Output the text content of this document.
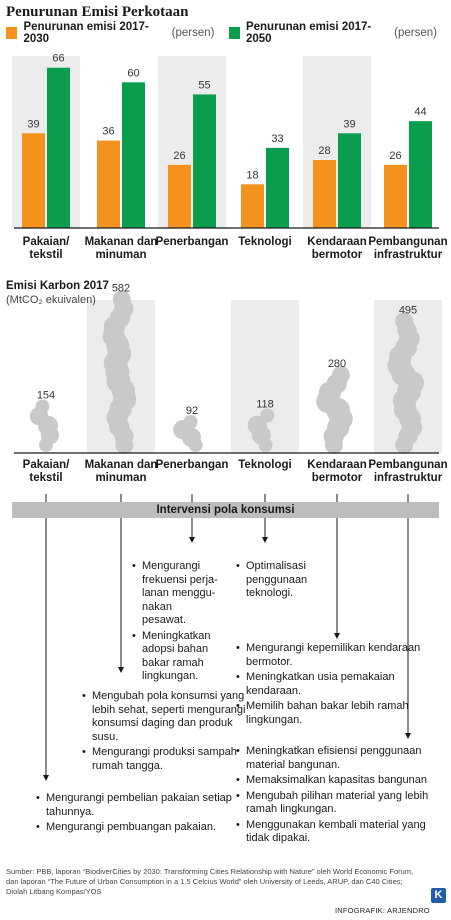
Penurunan Emisi Perkotaan
Penurunan emisi 2017-2030	(persen)	Penurunan emisi 2017-2050	(persen)
39
66
36
60
26
55
18
33
28
39
26
44
154
582
92
118
280
495
Pakaian/
tekstil
Makanan dan
minuman
Penerbangan Teknologi	Kendaraan
bermotor
Pembangunan
infrastruktur
Emisi Karbon 2017
(MtCO₂ ekuivalen)
Pakaian/
tekstil
Makanan dan
minuman
Penerbangan Teknologi	Kendaraan
bermotor
Pembangunan
infrastruktur
Intervensi pola konsumsi
• Mengurangi frekuensi perja-lanan menggu-nakan pesawat.
• Meningkatkan adopsi bahan bakar ramah lingkungan.
• Optimalisasi penggunaan teknologi.
• Mengurangi kepemilikan kendaraan bermotor.
• Meningkatkan usia pemakaian kendaraan.
• Memilih bahan bakar lebih ramah lingkungan.
• Mengubah pola konsumsi yang lebih sehat, seperti mengurangi konsumsi daging dan produk susu.
• Mengurangi produksi sampah rumah tangga.
• Meningkatkan efisiensi penggunaan material bangunan.
• Memaksimalkan kapasitas bangunan
• Mengubah pilihan material yang lebih ramah lingkungan.
• Menggunakan kembali material yang tidak dipakai.
• Mengurangi pembelian pakaian setiap tahunnya.
• Mengurangi pembuangan pakaian.
Sumber: PBB, laporan “BiodiverCities by 2030: Transforming Cities Relationship with Nature” oleh World Economic Forum, dan laporan “The Future of Urban Consumption in a 1.5 Celcius World” oleh University of Leeds, ARUP, dan C40 Cities; Diolah Litbang Kompas/YOS	K
INFOGRAFIK: ARJENDRO
